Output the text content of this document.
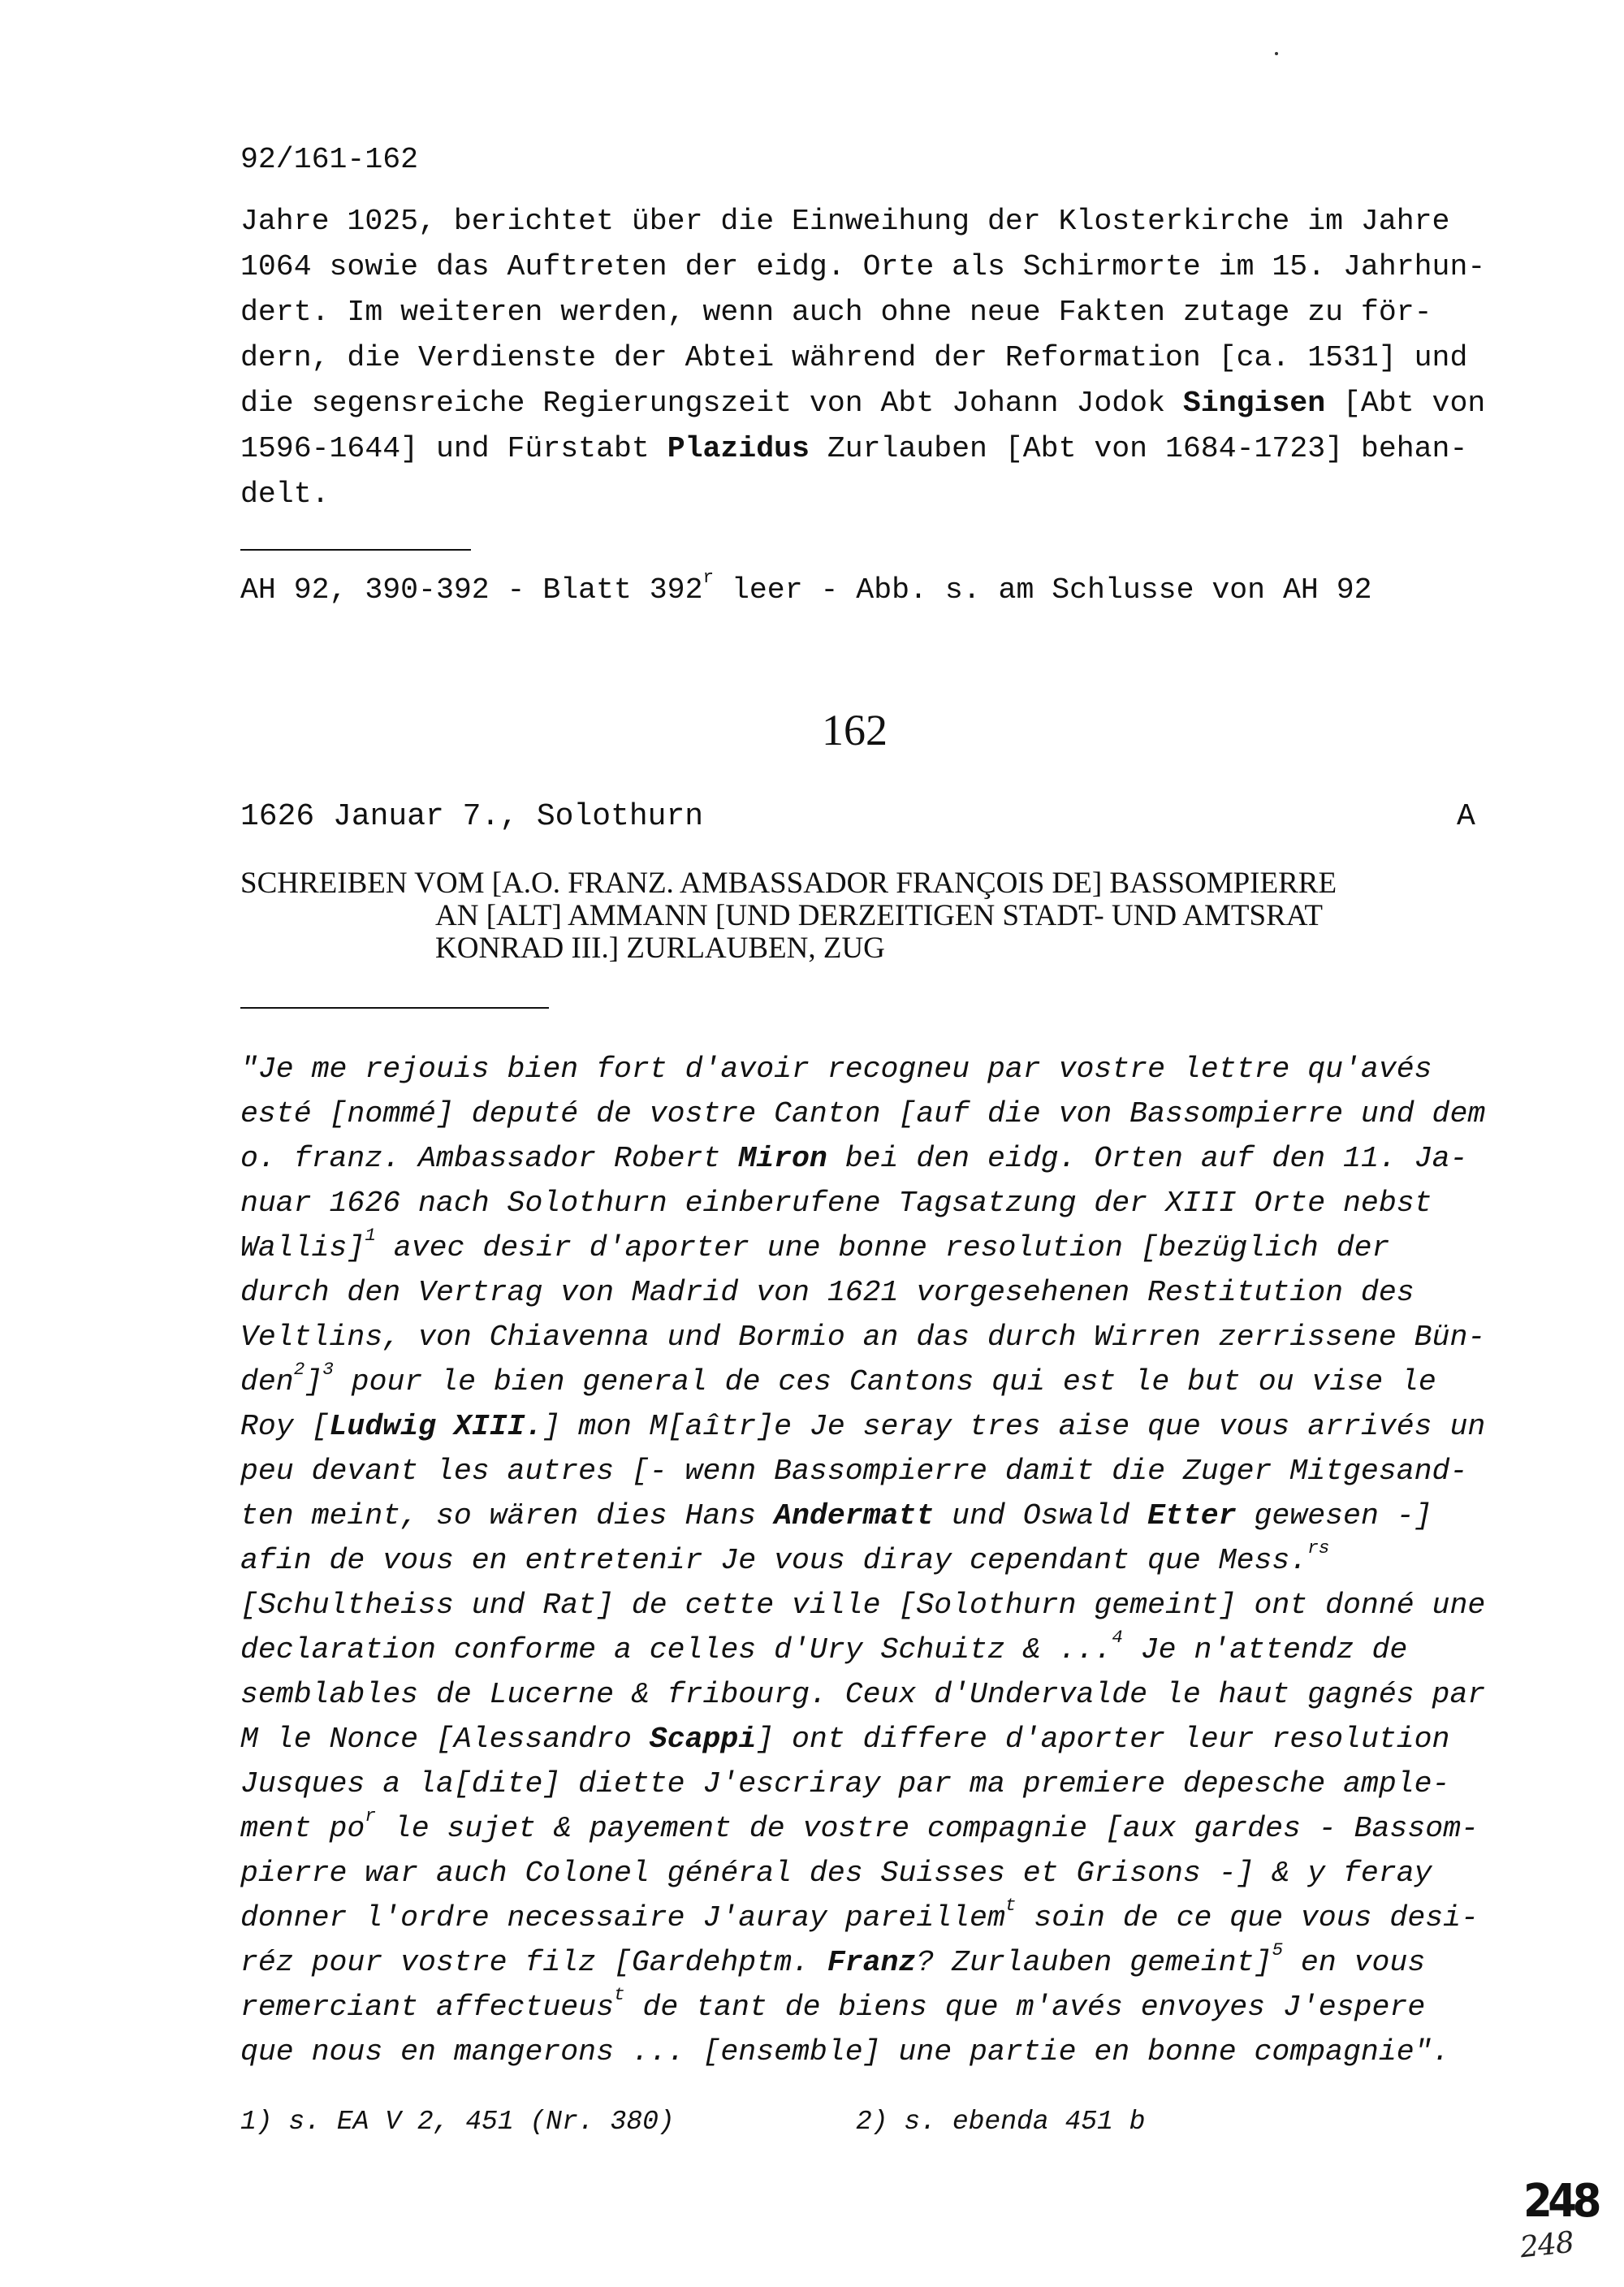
92/161-162
Jahre 1025, berichtet über die Einweihung der Klosterkirche im Jahre
1064 sowie das Auftreten der eidg. Orte als Schirmorte im 15. Jahrhun-
dert. Im weiteren werden, wenn auch ohne neue Fakten zutage zu för-
dern, die Verdienste der Abtei während der Reformation [ca. 1531] und
die segensreiche Regierungszeit von Abt Johann Jodok Singisen [Abt von
1596-1644] und Fürstabt Plazidus Zurlauben [Abt von 1684-1723] behan-
delt.
AH 92, 390-392 - Blatt 392$^r$ leer - Abb. s. am Schlusse von AH 92
162
1626 Januar 7., Solothurn	A
SCHREIBEN VOM [A.O. FRANZ. AMBASSADOR FRANÇOIS DE] BASSOMPIERRE
AN [ALT] AMMANN [UND DERZEITIGEN STADT- UND AMTSRAT
KONRAD III.] ZURLAUBEN, ZUG
"Je me rejouis bien fort d'avoir recogneu par vostre lettre qu'avés
esté [nommé] deputé de vostre Canton [auf die von Bassompierre und dem
o. franz. Ambassador Robert Miron bei den eidg. Orten auf den 11. Ja-
nuar 1626 nach Solothurn einberufene Tagsatzung der XIII Orte nebst
Wallis]$^1$ avec desir d'aporter une bonne resolution [bezüglich der
durch den Vertrag von Madrid von 1621 vorgesehenen Restitution des
Veltlins, von Chiavenna und Bormio an das durch Wirren zerrissene Bün-
den$^2$]$^3$ pour le bien general de ces Cantons qui est le but ou vise le
Roy [Ludwig XIII.] mon M[aîtr]e Je seray tres aise que vous arrivés un
peu devant les autres [- wenn Bassompierre damit die Zuger Mitgesand-
ten meint, so wären dies Hans Andermatt und Oswald Etter gewesen -]
afin de vous en entretenir Je vous diray cependant que Mess.$^{rs}$
[Schultheiss und Rat] de cette ville [Solothurn gemeint] ont donné une
declaration conforme a celles d'Ury Schuitz & ...$^4$ Je n'attendz de
semblables de Lucerne & fribourg. Ceux d'Undervalde le haut gagnés par
M le Nonce [Alessandro Scappi] ont differe d'aporter leur resolution
Jusques a la[dite] diette J'escriray par ma premiere depesche ample-
ment $po^r$ le sujet & payement de vostre compagnie [aux gardes - Bassom-
pierre war auch Colonel général des Suisses et Grisons -] & y feray
donner l'ordre necessaire J'auray pareillem$^t$ soin de ce que vous desi-
réz pour vostre filz [Gardehptm. Franz? Zurlauben gemeint]$^5$ en vous
remerciant affectueus$^t$ de tant de biens que m'avés envoyes J'espere
que nous en mangerons ... [ensemble] une partie en bonne compagnie".
1) s. EA V 2, 451 (Nr. 380)	2) s. ebenda 451 b
248
248
